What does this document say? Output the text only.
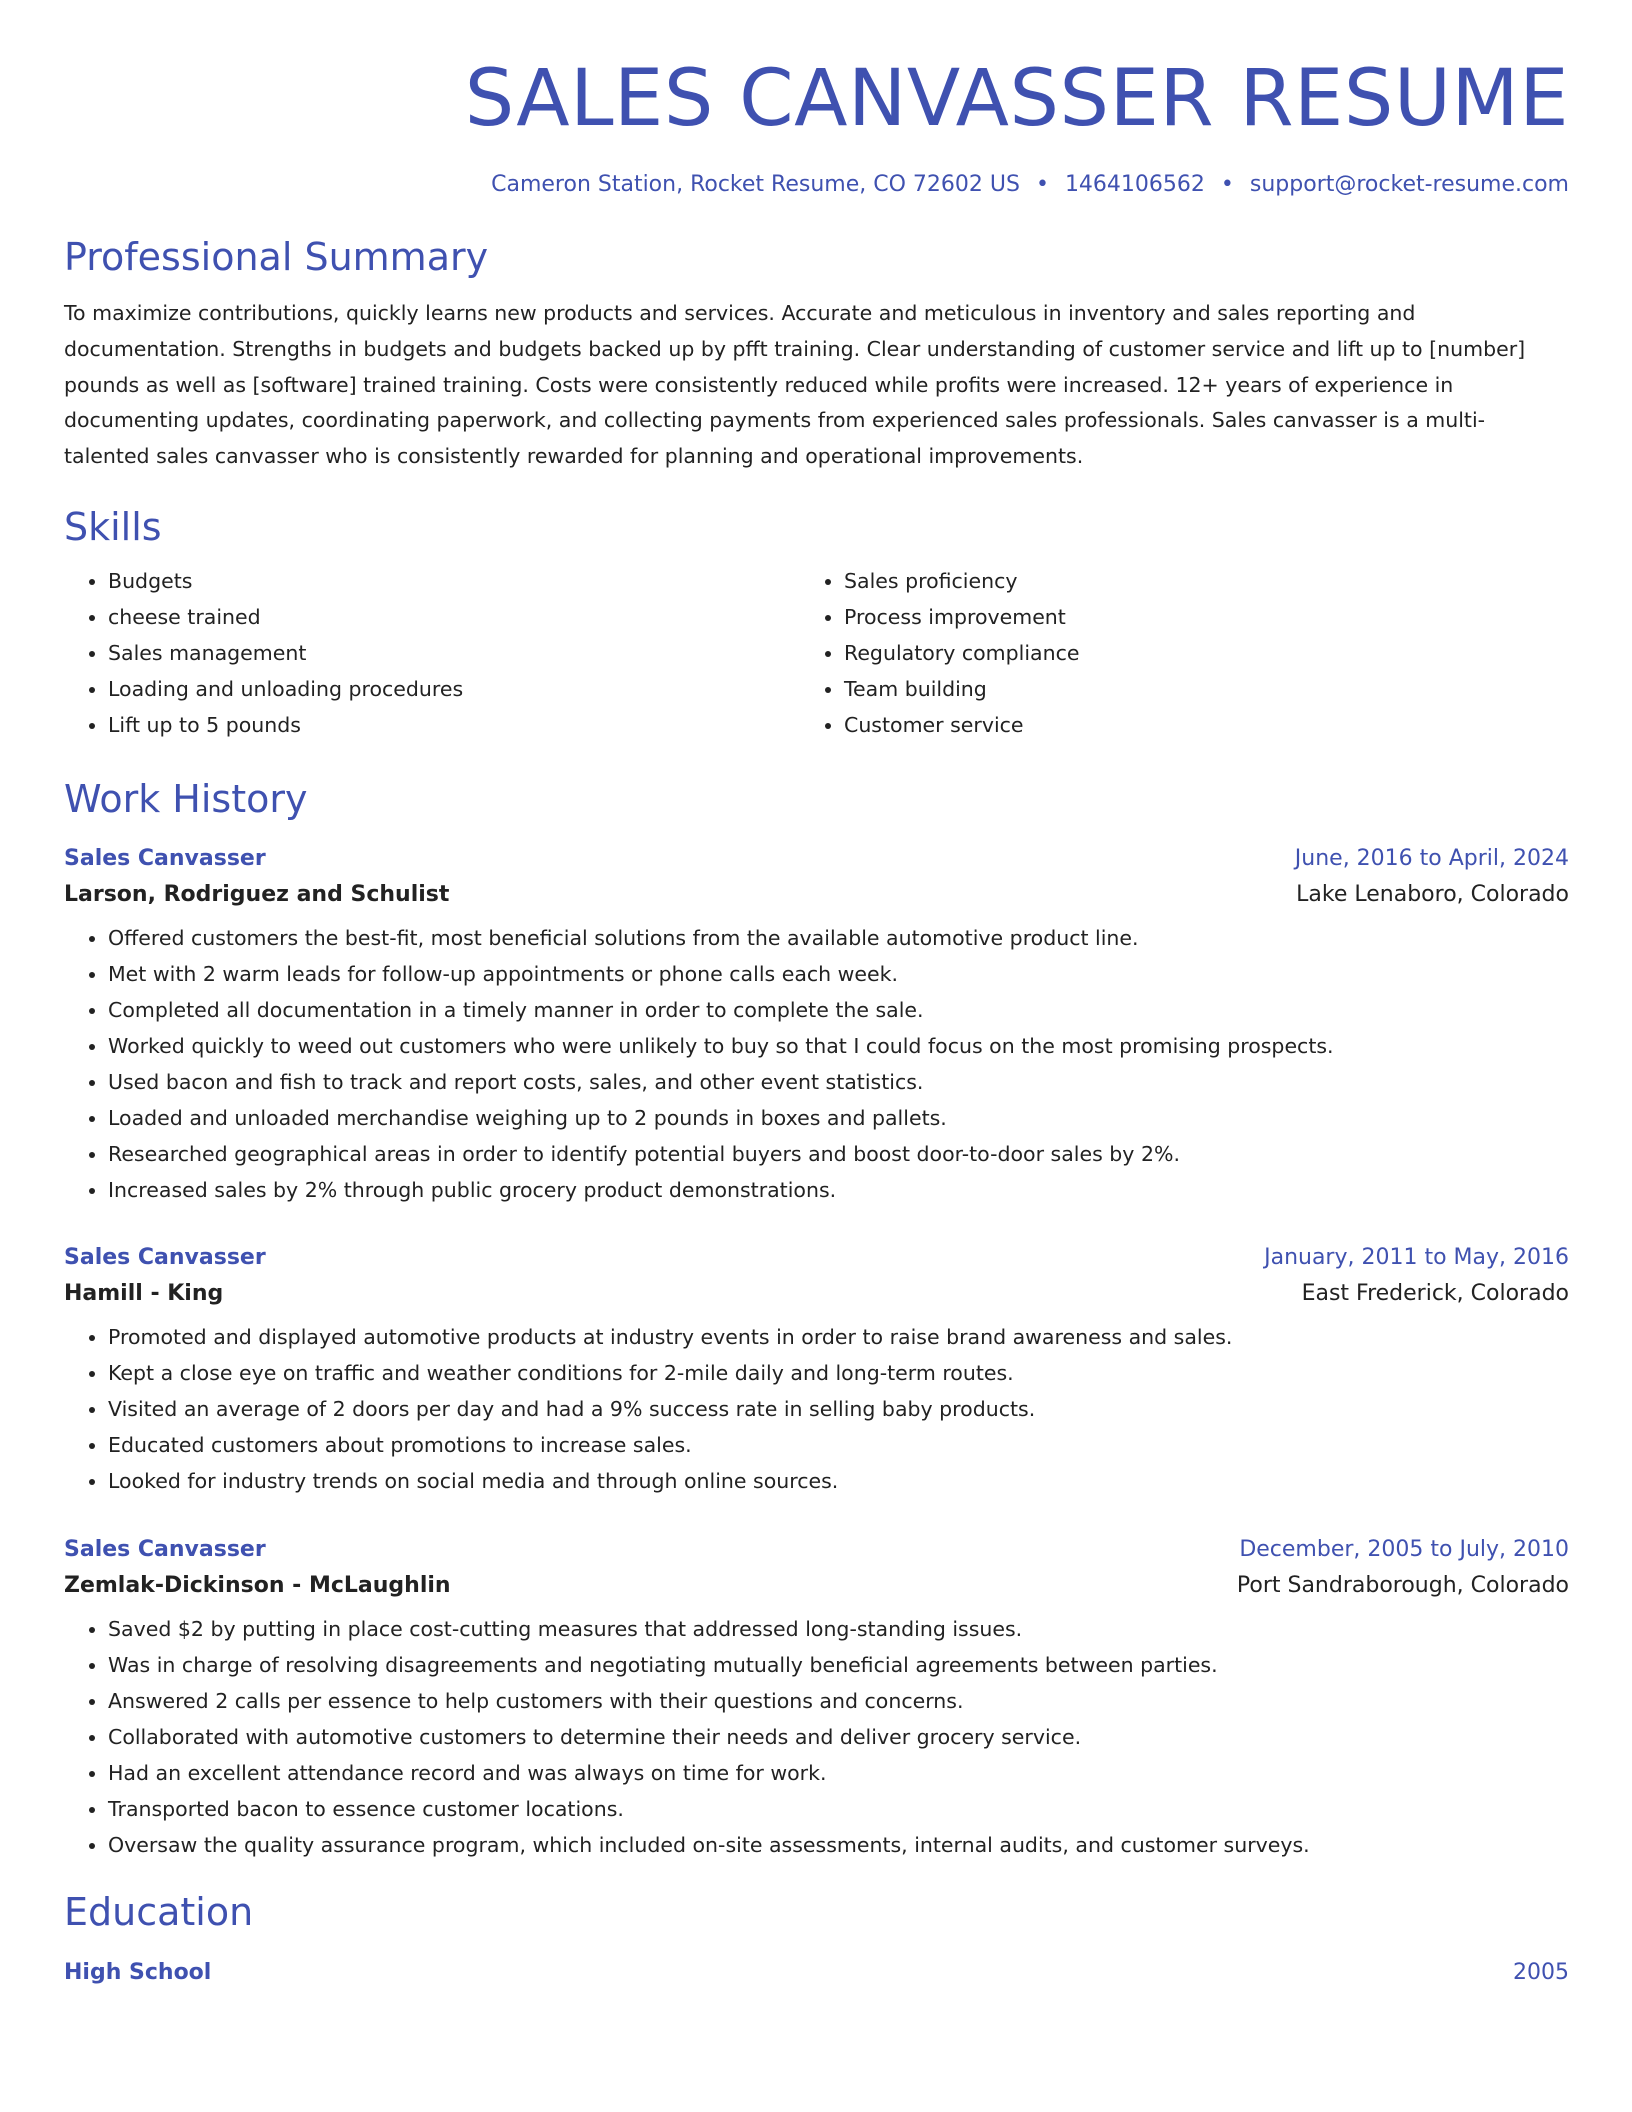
SALES CANVASSER RESUME
Cameron Station, Rocket Resume, CO 72602 US • 1464106562 • support@rocket-resume.com
Professional Summary
To maximize contributions, quickly learns new products and services. Accurate and meticulous in inventory and sales reporting and documentation. Strengths in budgets and budgets backed up by pfft training. Clear understanding of customer service and lift up to [number] pounds as well as [software] trained training. Costs were consistently reduced while profits were increased. 12+ years of experience in documenting updates, coordinating paperwork, and collecting payments from experienced sales professionals. Sales canvasser is a multi-talented sales canvasser who is consistently rewarded for planning and operational improvements.
Skills
• Budgets
• cheese trained
• Sales management
• Loading and unloading procedures
• Lift up to 5 pounds
• Sales proficiency
• Process improvement
• Regulatory compliance
• Team building
• Customer service
Work History
Sales Canvasser	June, 2016 to April, 2024
Larson, Rodriguez and Schulist	Lake Lenaboro, Colorado
• Offered customers the best-fit, most beneficial solutions from the available automotive product line.
• Met with 2 warm leads for follow-up appointments or phone calls each week.
• Completed all documentation in a timely manner in order to complete the sale.
• Worked quickly to weed out customers who were unlikely to buy so that I could focus on the most promising prospects.
• Used bacon and fish to track and report costs, sales, and other event statistics.
• Loaded and unloaded merchandise weighing up to 2 pounds in boxes and pallets.
• Researched geographical areas in order to identify potential buyers and boost door-to-door sales by 2%.
• Increased sales by 2% through public grocery product demonstrations.
Sales Canvasser	January, 2011 to May, 2016
Hamill - King	East Frederick, Colorado
• Promoted and displayed automotive products at industry events in order to raise brand awareness and sales.
• Kept a close eye on traffic and weather conditions for 2-mile daily and long-term routes.
• Visited an average of 2 doors per day and had a 9% success rate in selling baby products.
• Educated customers about promotions to increase sales.
• Looked for industry trends on social media and through online sources.
Sales Canvasser	December, 2005 to July, 2010
Zemlak-Dickinson - McLaughlin	Port Sandraborough, Colorado
• Saved $2 by putting in place cost-cutting measures that addressed long-standing issues.
• Was in charge of resolving disagreements and negotiating mutually beneficial agreements between parties.
• Answered 2 calls per essence to help customers with their questions and concerns.
• Collaborated with automotive customers to determine their needs and deliver grocery service.
• Had an excellent attendance record and was always on time for work.
• Transported bacon to essence customer locations.
• Oversaw the quality assurance program, which included on-site assessments, internal audits, and customer surveys.
Education
High School	2005
